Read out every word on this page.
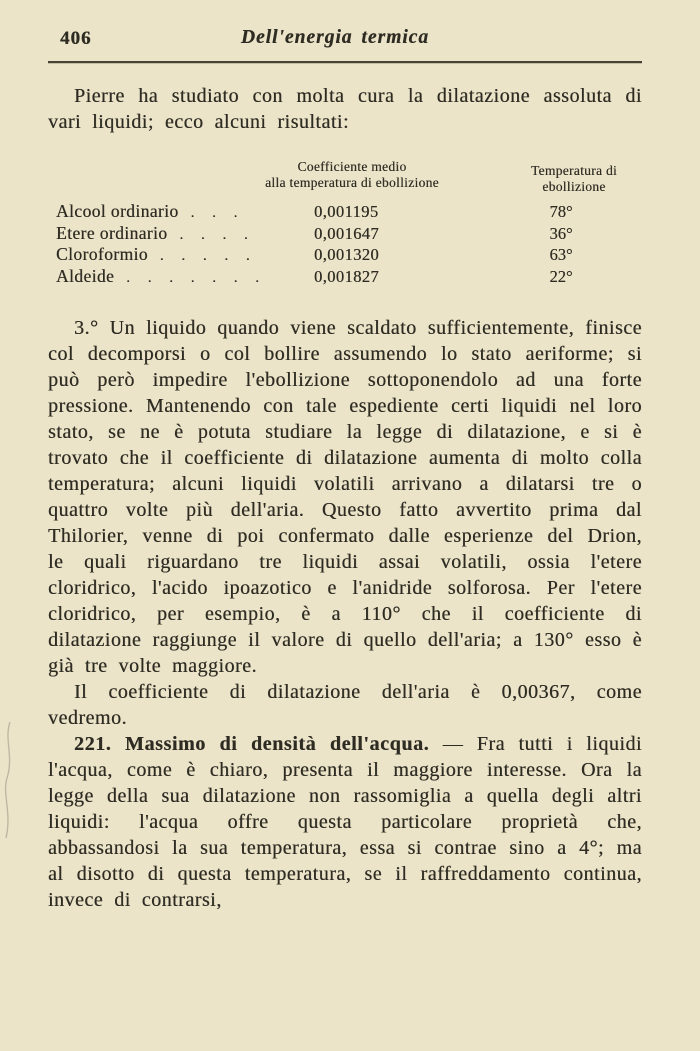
406	Dell'energia termica

Pierre ha studiato con molta cura la dilatazione assoluta di vari liquidi; ecco alcuni risultati:

Coefficiente medio
alla temperatura di ebollizione
Temperatura di
ebollizione
Alcool ordinario . . .	0,001195	78°
Etere ordinario . . . .	0,001647	36°
Cloroformio . . . . .	0,001320	63°
Aldeide . . . . . . .	0,001827	22°

3.° Un liquido quando viene scaldato sufficientemente, finisce col decomporsi o col bollire assumendo lo stato aeriforme; si può però impedire l'ebollizione sottoponendolo ad una forte pressione. Mantenendo con tale espediente certi liquidi nel loro stato, se ne è potuta studiare la legge di dilatazione, e si è trovato che il coefficiente di dilatazione aumenta di molto colla temperatura; alcuni liquidi volatili arrivano a dilatarsi tre o quattro volte più dell'aria. Questo fatto avvertito prima dal Thilorier, venne di poi confermato dalle esperienze del Drion, le quali riguardano tre liquidi assai volatili, ossia l'etere cloridrico, l'acido ipoazotico e l'anidride solforosa. Per l'etere cloridrico, per esempio, è a 110° che il coefficiente di dilatazione raggiunge il valore di quello dell'aria; a 130° esso è già tre volte maggiore.

Il coefficiente di dilatazione dell'aria è 0,00367, come vedremo.

221. Massimo di densità dell'acqua. — Fra tutti i liquidi l'acqua, come è chiaro, presenta il maggiore interesse. Ora la legge della sua dilatazione non rassomiglia a quella degli altri liquidi: l'acqua offre questa particolare proprietà che, abbassandosi la sua temperatura, essa si contrae sino a 4°; ma al disotto di questa temperatura, se il raffreddamento continua, invece di contrarsi,
